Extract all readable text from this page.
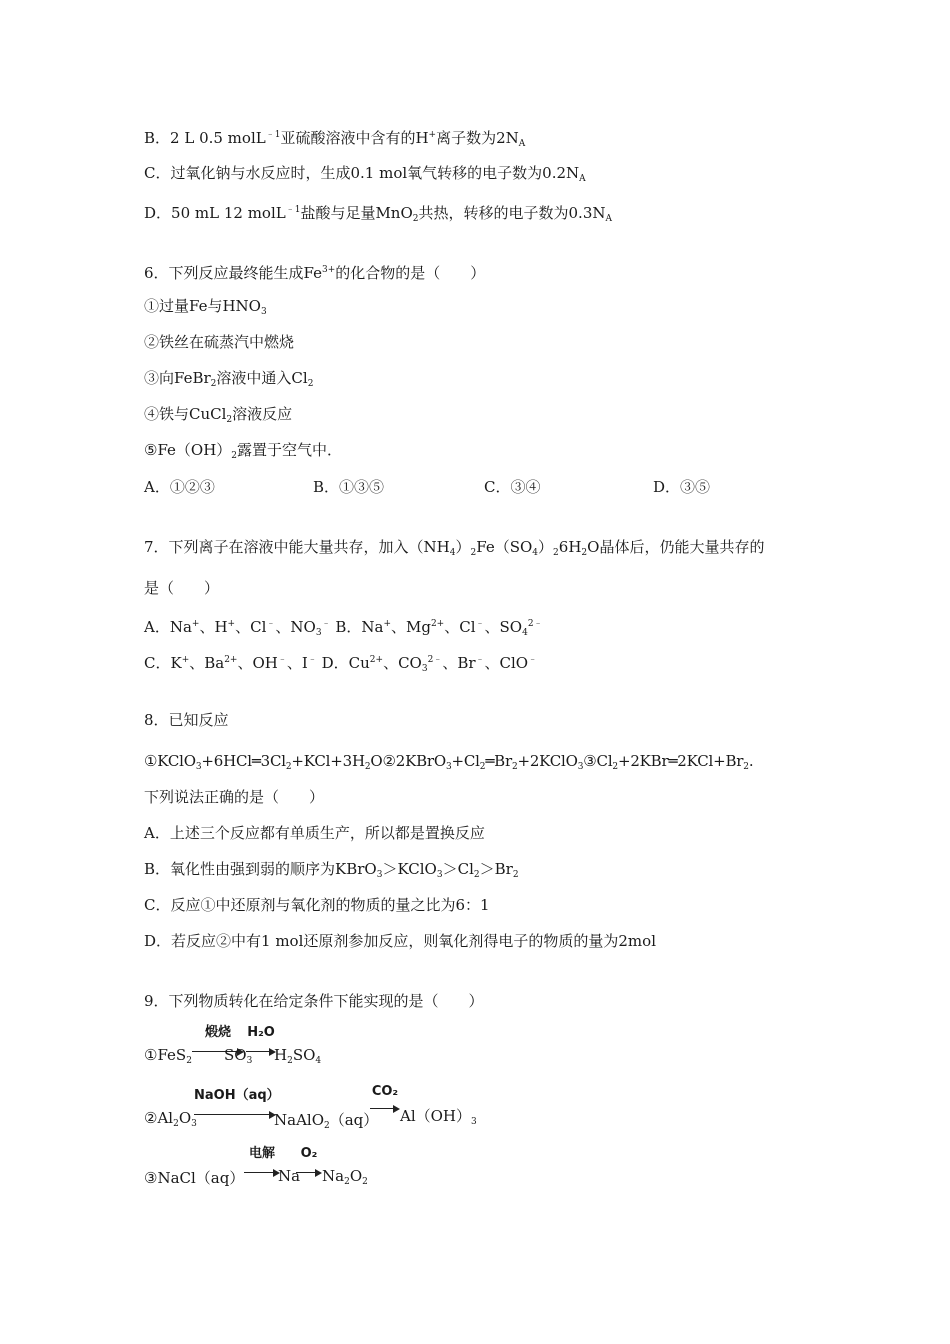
B．2 L 0.5 molL$^{﹣1}$亚硫酸溶液中含有的H+离子数为$2N_A$
C．过氧化钠与水反应时，生成0.1 mol氧气转移的电子数为$0.2N_A$
D．50 mL 12 molL$^{﹣1}$盐酸与足量MnO$_2$共热，转移的电子数为$0.3N_A$
6．下列反应最终能生成$Fe^{3+}$的化合物的是（　　）
①过量Fe与$HNO_3$
②铁丝在硫蒸汽中燃烧
③向FeBr$_2$溶液中通入$Cl_2$
④铁与CuCl$_2$溶液反应
$⑤Fe(OH)_2$露置于空气中．
A．①②③	B．①③⑤	C．③④	D．③⑤
7．下列离子在溶液中能大量共存，加入$(NH_4)_2Fe(SO_4)_26H_2O$晶体后，仍能大量共存的
是（　　）
A．Na+、H+、Cl﹣、$NO_3^﹣$ B．Na+、$Mg^{2+}$、Cl﹣、$SO_4^{2﹣}$
C．K+、$Ba^{2+}$、OH﹣、I﹣ D．$Cu^{2+}$、$CO_3^{2﹣}$、Br﹣、ClO﹣
8．已知反应
$①KClO_3+6HCl═3Cl_2+KCl+3H_2O②2KBrO_3+Cl_2═Br_2+2KClO_3③Cl_2+2KBr═2KCl+Br_2$.
下列说法正确的是（　　）
A．上述三个反应都有单质生产，所以都是置换反应
B．氧化性由强到弱的顺序为$KBrO_3>KClO_3>Cl_2>Br_2$
C．反应①中还原剂与氧化剂的物质的量之比为6：1
D．若反应②中有1 mol还原剂参加反应，则氧化剂得电子的物质的量为2mol
9．下列物质转化在给定条件下能实现的是（　　）
①FeS$_2$
煅烧
$SO_3$
H₂O
$H_2SO_4$
$②Al_2O_3$
NaOH（aq）
NaAlO$_2$（aq）
CO₂
$Al(OH)_3$
③NaCl（aq）
电解
Na
O₂
$Na_2O_2$
